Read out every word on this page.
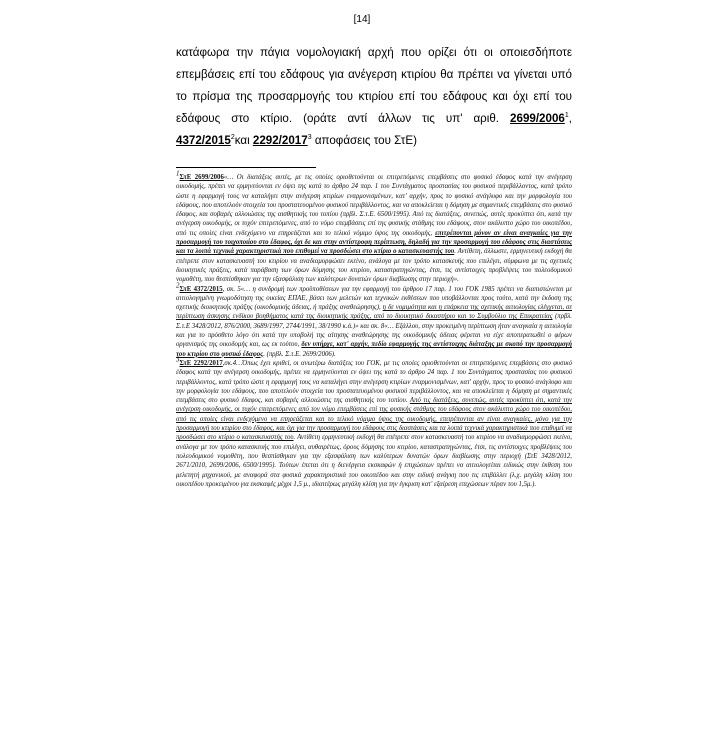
[14]
κατάφωρα την πάγια νομολογιακή αρχή που ορίζει ότι οι οποιεσδήποτε επεμβάσεις επί του εδάφους για ανέγερση κτιρίου θα πρέπει να γίνεται υπό το πρίσμα της προσαρμογής του κτιρίου επί του εδάφους και όχι επί του εδάφους στο κτίριο. (οράτε αντί άλλων τις υπ' αριθ. 2699/2006$^1$, 4372/2015$^2$και 2292/2017$^3$ αποφάσεις του ΣτΕ)

$^1$ΣτΕ 2699/2006«… Οι διατάξεις αυτές, με τις οποίες οριοθετούνται οι επιτρεπόμενες επεμβάσεις στο φυσικό έδαφος κατά την ανέγερση οικοδομής, πρέπει να ερμηνεύονται εν όψει της κατά το άρθρο 24 παρ. 1 του Συντάγματος προστασίας του φυσικού περιβάλλοντος, κατά τρόπο ώστε η εφαρμογή τους να καταλήγει στην ανέγερση κτιρίων εναρμονισμένων, κατ' αρχήν, προς το φυσικό ανάγλυφο και την μορφολογία του εδάφους, που αποτελούν στοιχεία του προστατευομένου φυσικού περιβάλλοντος, και να αποκλείεται η δόμηση με σημαντικές επεμβάσεις στο φυσικό έδαφος, και σοβαρές αλλοιώσεις της αισθητικής του τοπίου (πρβλ. Σ.τ.Ε. 6500/1995). Από τις διατάξεις, συνεπώς, αυτές προκύπτει ότι, κατά την ανέγερση οικοδομής, οι τυχόν επιτρεπόμενες, από το νόμο επεμβάσεις επί της φυσικής στάθμης του εδάφους, στον ακάλυπτο χώρο του οικοπέδου, από τις οποίες είναι ενδεχόμενο να επηρεάζεται και το τελικό νόμιμο ύψος της οικοδομής, επιτρέπονται μόνον αν είναι αναγκαίες για την προσαρμογή του τοιχοποιίου στο έδαφος, όχι δε και στην αντίστροφη περίπτωση, δηλαδή για την προσαρμογή του εδάφους στις διαστάσεις και τα λοιπά τεχνικά χαρακτηριστικά που επιθυμεί να προσδώσει στο κτίριο ο κατασκευαστής του. Αντίθετη, άλλωστε, ερμηνευτική εκδοχή θα επέτρεπε στον κατασκευαστή του κτιρίου να αναδιαμορφώσει εκείνο, ανάλογα με τον τρόπο κατασκευής που επιλέγει, σύμφωνα με τις σχετικές διοικητικές πράξεις, κατά παράβαση των όρων δόμησης του κτιρίου, καταστρατηγώντας, έτσι, τις αντίστοιχες προβλέψεις του πολεοδομικού νομοθέτη, που θεσπίσθηκαν για την εξασφάλιση των καλύτερων δυνατών όρων διαβίωσης στην περιοχή».

$^2$ΣτΕ 4372/2015, σκ. 5«… η συνδρομή των προϋποθέσεων για την εφαρμογή του άρθρου 17 παρ. 1 του ΓΟΚ 1985 πρέπει να διαπιστώνεται με αιτιολογημένη γνωμοδότηση της οικείας ΕΠΑΕ, βάσει των μελετών και τεχνικών εκθέσεων που υποβάλλονται προς τούτο, κατά την έκδοση της σχετικής διοικητικής πράξης (οικοδομικής άδειας, ή πράξης αναθεώρησης), η δε νομιμότητα και η επάρκεια της σχετικής αιτιολογίας ελέγχεται, σε περίπτωση άσκησης ενδίκου βοηθήματος κατά της διοικητικής πράξης, από το διοικητικό δικαστήριο και το Συμβούλιο της Επικρατείας (πρβλ. Σ.τ.Ε 3428/2012, 876/2000, 3689/1997, 2744/1991, 38/1990 κ.ά.)» και σκ. 8«… Εξάλλου, στην προκειμένη περίπτωση ήταν αναγκαία η αιτιολογία και για το πρόσθετο λόγο ότι κατά την υποβολή της αίτησης αναθεώρησης της οικοδομικής άδειας φέρεται να είχε αποπερατωθεί ο φέρων οργανισμός της οικοδομής και, ως εκ τούτου, δεν υπήρχε, κατ' αρχήν, πεδίο εφαρμογής της αντίστοιχης διάταξης με σκοπό την προσαρμογή του κτιρίου στο φυσικό έδαφος. (πρβλ. Σ.τ.Ε. 2699/2006).

$^3$ΣτΕ 2292/2017,σκ.4…Όπως έχει κριθεί, οι ανωτέρω διατάξεις του ΓΟΚ, με τις οποίες οριοθετούνται οι επιτρεπόμενες επεμβάσεις στο φυσικό έδαφος κατά την ανέγερση οικοδομής, πρέπει να ερμηνεύονται εν όψει της κατά το άρθρο 24 παρ. 1 του Συντάγματος προστασίας του φυσικού περιβάλλοντος, κατά τρόπο ώστε η εφαρμογή τους να καταλήγει στην ανέγερση κτιρίων εναρμονισμένων, κατ' αρχήν, προς το φυσικό ανάγλυφο και την μορφολογία του εδάφους, που αποτελούν στοιχεία του προστατευομένου φυσικού περιβάλλοντος, και να αποκλείεται η δόμηση με σημαντικές επεμβάσεις στο φυσικό έδαφος, και σοβαρές αλλοιώσεις της αισθητικής του τοπίου. Από τις διατάξεις, συνεπώς, αυτές προκύπτει ότι, κατά την ανέγερση οικοδομής, οι τυχόν επιτρεπόμενες από τον νόμο επεμβάσεις επί της φυσικής στάθμης του εδάφους στον ακάλυπτο χώρο του οικοπέδου, από τις οποίες είναι ενδεχόμενο να επηρεάζεται και το τελικό νόμιμο ύψος της οικοδομής, επιτρέπονται αν είναι αναγκαίες, μόνο για την προσαρμογή του κτιρίου στο έδαφος, και όχι για την προσαρμογή του εδάφους στις διαστάσεις και τα λοιπά τεχνικά χαρακτηριστικά που επιθυμεί να προσδώσει στο κτίριο ο κατασκευαστής του. Αντίθετη ερμηνευτική εκδοχή θα επέτρεπε στον κατασκευαστή του κτιρίου να αναδιαμορφώσει εκείνο, ανάλογα με τον τρόπο κατασκευής που επιλέγει, αυθαιρέτως, όρους δόμησης του κτιρίου, καταστρατηγώντας, έτσι, τις αντίστοιχες προβλέψεις του πολεοδομικού νομοθέτη, που θεσπίσθηκαν για την εξασφάλιση των καλύτερων δυνατών όρων διαβίωσης στην περιοχή (ΣτΕ 3428/2012, 2671/2010, 2699/2006, 6500/1995). Τούτων έπεται ότι η διενέργεια εκσκαφών ή επιχώσεων πρέπει να αιτιολογείται ειδικώς στην έκθεση του μελετητή μηχανικού, με αναφορά στα φυσικά χαρακτηριστικά του οικοπέδου και στην ειδική ανάγκη που τις επιβάλλει (λ.χ. μεγάλη κλίση του οικοπέδου προκειμένου για εκσκαφές μέχρι 1,5 μ., ιδιαιτέρως μεγάλη κλίση για την έγκριση κατ' εξαίρεση επιχώσεων πέραν του 1,5μ.).
